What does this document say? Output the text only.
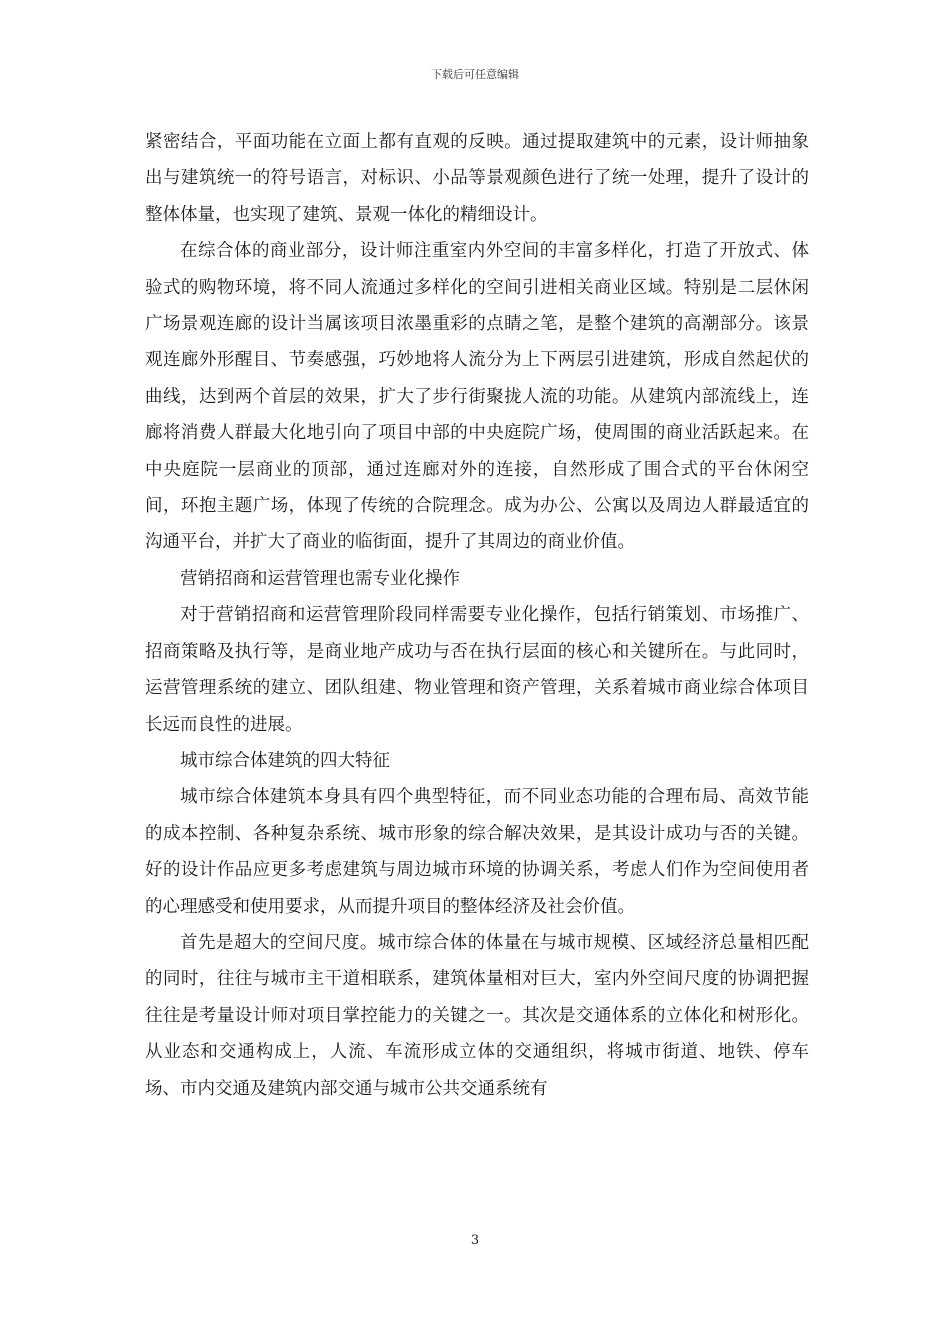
下载后可任意编辑

紧密结合，平面功能在立面上都有直观的反映。通过提取建筑中的元素，设计师抽象出与建筑统一的符号语言，对标识、小品等景观颜色进行了统一处理，提升了设计的整体体量，也实现了建筑、景观一体化的精细设计。

在综合体的商业部分，设计师注重室内外空间的丰富多样化，打造了开放式、体验式的购物环境，将不同人流通过多样化的空间引进相关商业区域。特别是二层休闲广场景观连廊的设计当属该项目浓墨重彩的点睛之笔，是整个建筑的高潮部分。该景观连廊外形醒目、节奏感强，巧妙地将人流分为上下两层引进建筑，形成自然起伏的曲线，达到两个首层的效果，扩大了步行街聚拢人流的功能。从建筑内部流线上，连廊将消费人群最大化地引向了项目中部的中央庭院广场，使周围的商业活跃起来。在中央庭院一层商业的顶部，通过连廊对外的连接，自然形成了围合式的平台休闲空间，环抱主题广场，体现了传统的合院理念。成为办公、公寓以及周边人群最适宜的沟通平台，并扩大了商业的临街面，提升了其周边的商业价值。

营销招商和运营管理也需专业化操作

对于营销招商和运营管理阶段同样需要专业化操作，包括行销策划、市场推广、招商策略及执行等，是商业地产成功与否在执行层面的核心和关键所在。与此同时，运营管理系统的建立、团队组建、物业管理和资产管理，关系着城市商业综合体项目长远而良性的进展。

城市综合体建筑的四大特征

城市综合体建筑本身具有四个典型特征，而不同业态功能的合理布局、高效节能的成本控制、各种复杂系统、城市形象的综合解决效果，是其设计成功与否的关键。好的设计作品应更多考虑建筑与周边城市环境的协调关系，考虑人们作为空间使用者的心理感受和使用要求，从而提升项目的整体经济及社会价值。

首先是超大的空间尺度。城市综合体的体量在与城市规模、区域经济总量相匹配的同时，往往与城市主干道相联系，建筑体量相对巨大，室内外空间尺度的协调把握往往是考量设计师对项目掌控能力的关键之一。其次是交通体系的立体化和树形化。从业态和交通构成上，人流、车流形成立体的交通组织，将城市街道、地铁、停车场、市内交通及建筑内部交通与城市公共交通系统有

3
